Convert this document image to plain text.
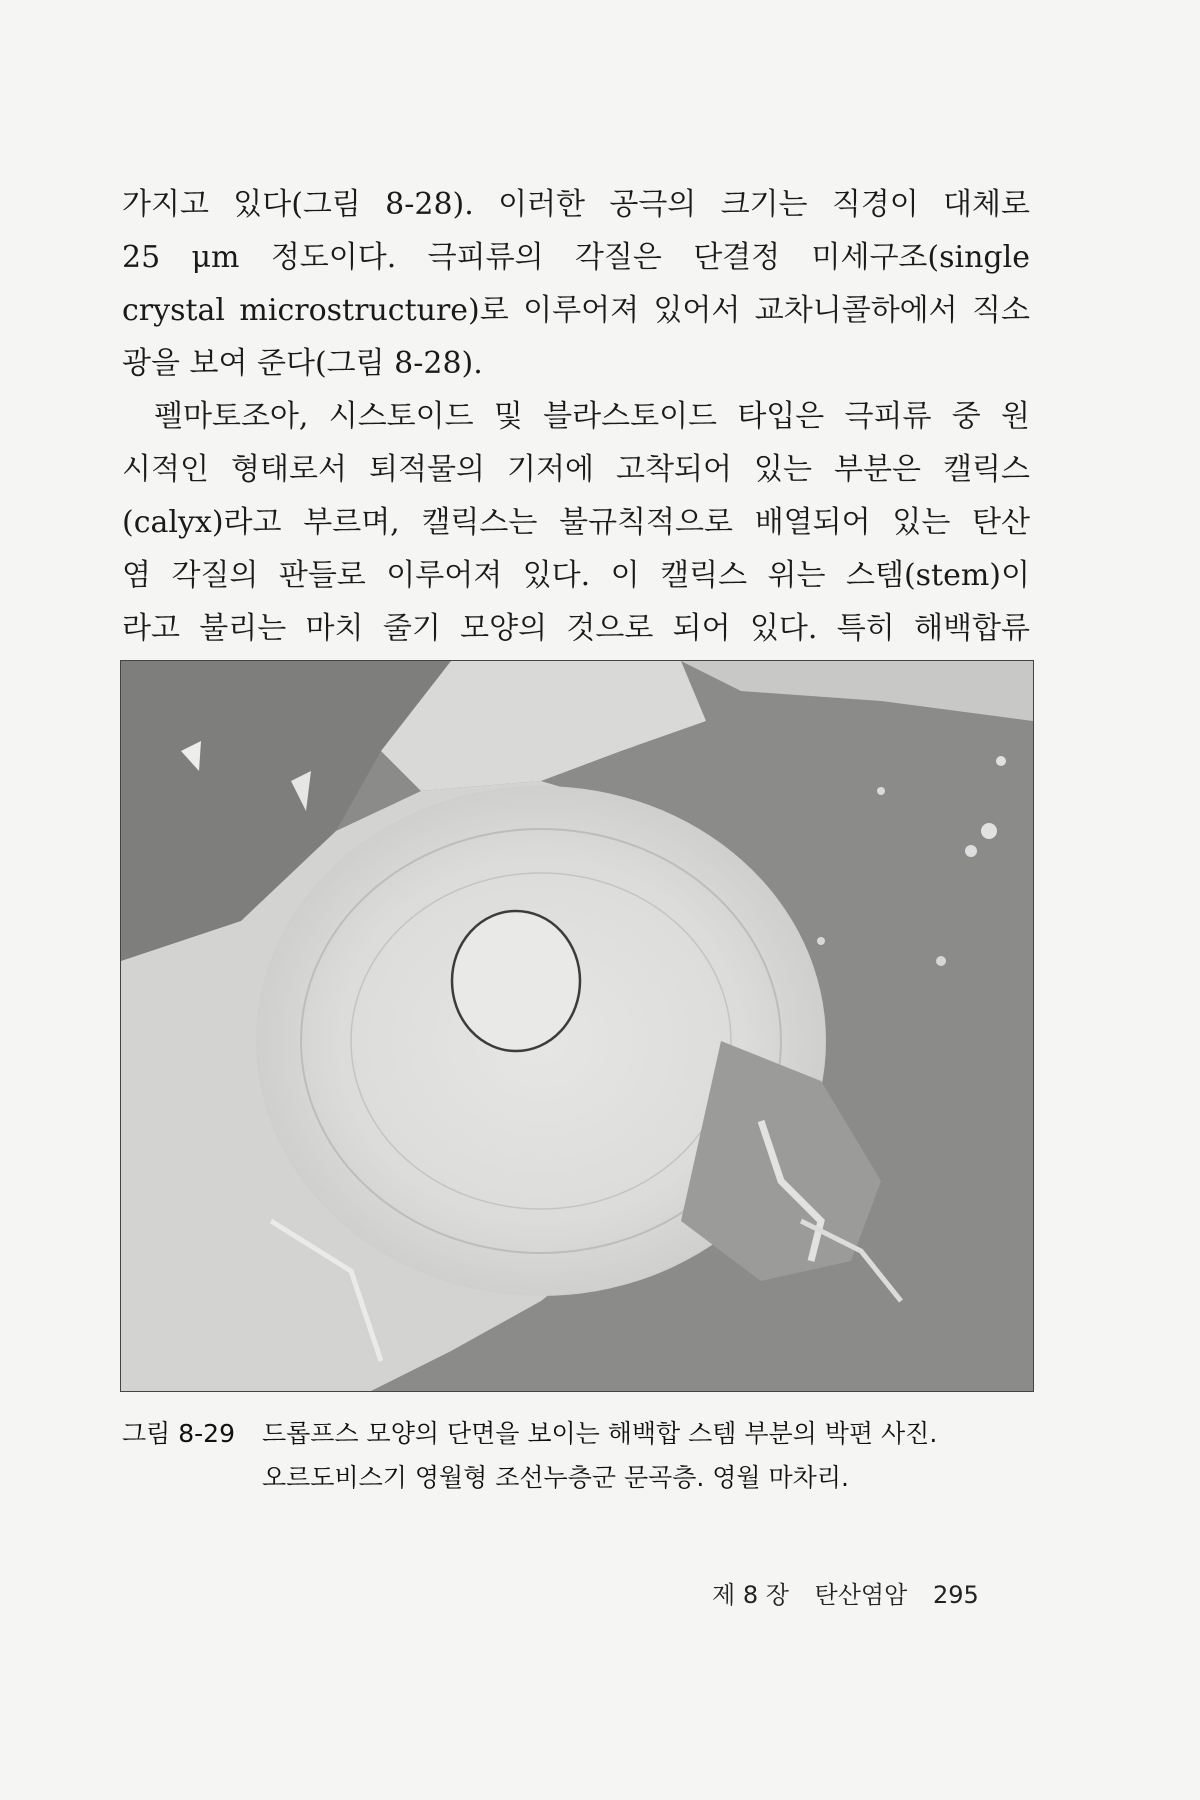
가지고 있다(그림 8-28). 이러한 공극의 크기는 직경이 대체로
25 μm 정도이다. 극피류의 각질은 단결정 미세구조(single
crystal microstructure)로 이루어져 있어서 교차니콜하에서 직소
광을 보여 준다(그림 8-28).

펠마토조아, 시스토이드 및 블라스토이드 타입은 극피류 중 원
시적인 형태로서 퇴적물의 기저에 고착되어 있는 부분은 캘릭스
(calyx)라고 부르며, 캘릭스는 불규칙적으로 배열되어 있는 탄산
염 각질의 판들로 이루어져 있다. 이 캘릭스 위는 스템(stem)이
라고 불리는 마치 줄기 모양의 것으로 되어 있다. 특히 해백합류

그림 8-29 드롭프스 모양의 단면을 보이는 해백합 스템 부분의 박편 사진.
오르도비스기 영월형 조선누층군 문곡층. 영월 마차리.
제 8 장 탄산염암 295
